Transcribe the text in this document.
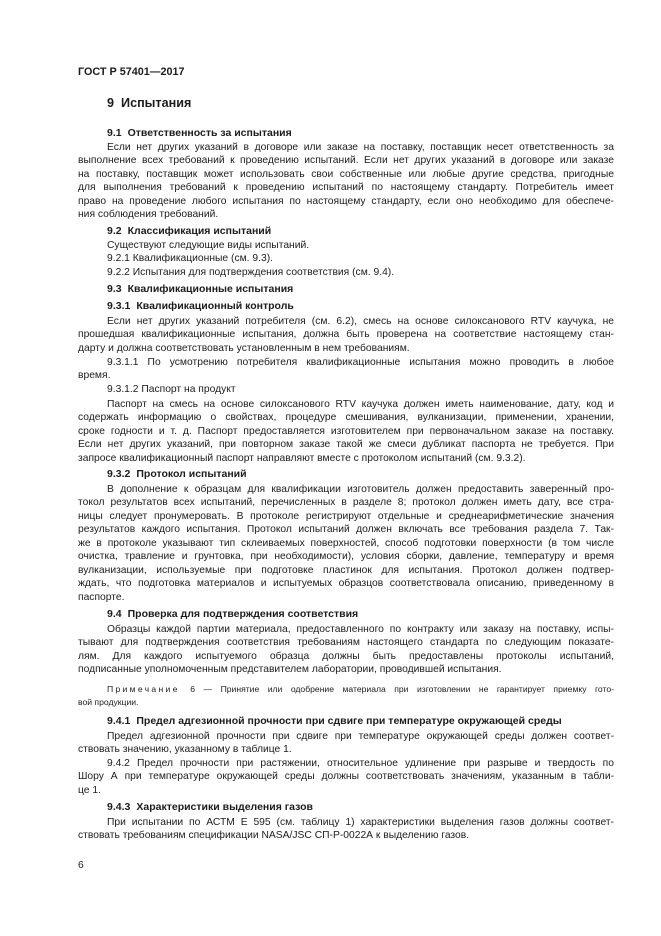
ГОСТ Р 57401—2017
9 Испытания
9.1 Ответственность за испытания
Если нет других указаний в договоре или заказе на поставку, поставщик несет ответственность за
выполнение всех требований к проведению испытаний. Если нет других указаний в договоре или заказе
на поставку, поставщик может использовать свои собственные или любые другие средства, пригодные
для выполнения требований к проведению испытаний по настоящему стандарту. Потребитель имеет
право на проведение любого испытания по настоящему стандарту, если оно необходимо для обеспече-
ния соблюдения требований.
9.2 Классификация испытаний
Существуют следующие виды испытаний.
9.2.1 Квалификационные (см. 9.3).
9.2.2 Испытания для подтверждения соответствия (см. 9.4).
9.3 Квалификационные испытания
9.3.1 Квалификационный контроль
Если нет других указаний потребителя (см. 6.2), смесь на основе силоксанового RTV каучука, не
прошедшая квалификационные испытания, должна быть проверена на соответствие настоящему стан-
дарту и должна соответствовать установленным в нем требованиям.
9.3.1.1 По усмотрению потребителя квалификационные испытания можно проводить в любое
время.
9.3.1.2 Паспорт на продукт
Паспорт на смесь на основе силоксанового RTV каучука должен иметь наименование, дату, код и
содержать информацию о свойствах, процедуре смешивания, вулканизации, применении, хранении,
сроке годности и т. д. Паспорт предоставляется изготовителем при первоначальном заказе на поставку.
Если нет других указаний, при повторном заказе такой же смеси дубликат паспорта не требуется. При
запросе квалификационный паспорт направляют вместе с протоколом испытаний (см. 9.3.2).
9.3.2 Протокол испытаний
В дополнение к образцам для квалификации изготовитель должен предоставить заверенный про-
токол результатов всех испытаний, перечисленных в разделе 8; протокол должен иметь дату, все стра-
ницы следует пронумеровать. В протоколе регистрируют отдельные и среднеарифметические значения
результатов каждого испытания. Протокол испытаний должен включать все требования раздела 7. Так-
же в протоколе указывают тип склеиваемых поверхностей, способ подготовки поверхности (в том числе
очистка, травление и грунтовка, при необходимости), условия сборки, давление, температуру и время
вулканизации, используемые при подготовке пластинок для испытания. Протокол должен подтвер-
ждать, что подготовка материалов и испытуемых образцов соответствовала описанию, приведенному в
паспорте.
9.4 Проверка для подтверждения соответствия
Образцы каждой партии материала, предоставленного по контракту или заказу на поставку, испы-
тывают для подтверждения соответствия требованиям настоящего стандарта по следующим показате-
лям. Для каждого испытуемого образца должны быть предоставлены протоколы испытаний,
подписанные уполномоченным представителем лаборатории, проводившей испытания.
Примечание 6 — Принятие или одобрение материала при изготовлении не гарантирует приемку гото-
вой продукции.
9.4.1 Предел адгезионной прочности при сдвиге при температуре окружающей среды
Предел адгезионной прочности при сдвиге при температуре окружающей среды должен соответ-
ствовать значению, указанному в таблице 1.
9.4.2 Предел прочности при растяжении, относительное удлинение при разрыве и твердость по
Шору А при температуре окружающей среды должны соответствовать значениям, указанным в табли-
це 1.
9.4.3 Характеристики выделения газов
При испытании по АСТМ Е 595 (см. таблицу 1) характеристики выделения газов должны соответ-
ствовать требованиям спецификации NASA/JSC СП-Р-0022А к выделению газов.
6
